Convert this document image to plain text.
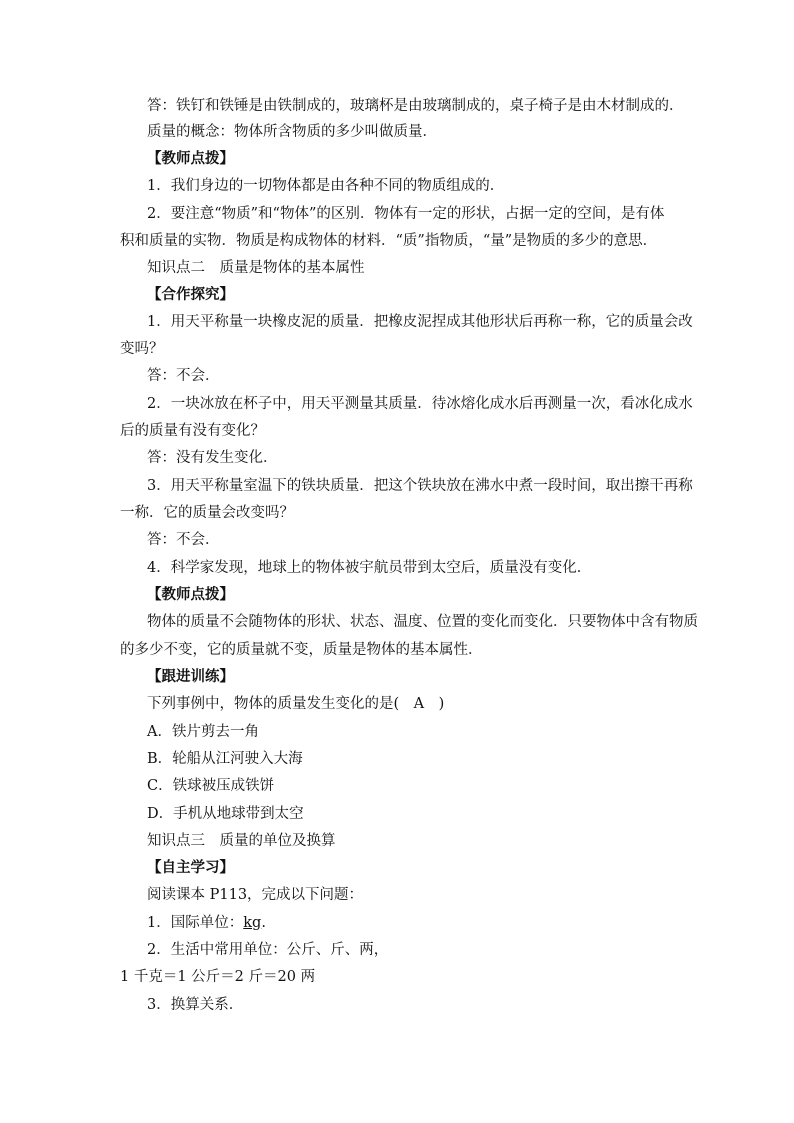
答：铁钉和铁锤是由铁制成的，玻璃杯是由玻璃制成的，桌子椅子是由木材制成的．
质量的概念：物体所含物质的多少叫做质量．
【教师点拨】
1．我们身边的一切物体都是由各种不同的物质组成的．
2．要注意“物质”和“物体”的区别．物体有一定的形状，占据一定的空间，是有体
积和质量的实物．物质是构成物体的材料．“质”指物质，“量”是物质的多少的意思．
知识点二　质量是物体的基本属性
【合作探究】
1．用天平称量一块橡皮泥的质量．把橡皮泥捏成其他形状后再称一称，它的质量会改
变吗？
答：不会．
2．一块冰放在杯子中，用天平测量其质量．待冰熔化成水后再测量一次，看冰化成水
后的质量有没有变化？
答：没有发生变化．
3．用天平称量室温下的铁块质量．把这个铁块放在沸水中煮一段时间，取出擦干再称
一称．它的质量会改变吗？
答：不会．
4．科学家发现，地球上的物体被宇航员带到太空后，质量没有变化．
【教师点拨】
物体的质量不会随物体的形状、状态、温度、位置的变化而变化．只要物体中含有物质
的多少不变，它的质量就不变，质量是物体的基本属性．
【跟进训练】
下列事例中，物体的质量发生变化的是(　A　)
A．铁片剪去一角
B．轮船从江河驶入大海
C．铁球被压成铁饼
D．手机从地球带到太空
知识点三　质量的单位及换算
【自主学习】
阅读课本 P113，完成以下问题：
1．国际单位：kg.
2．生活中常用单位：公斤、斤、两，
1 千克＝1 公斤＝2 斤＝20 两
3．换算关系．
